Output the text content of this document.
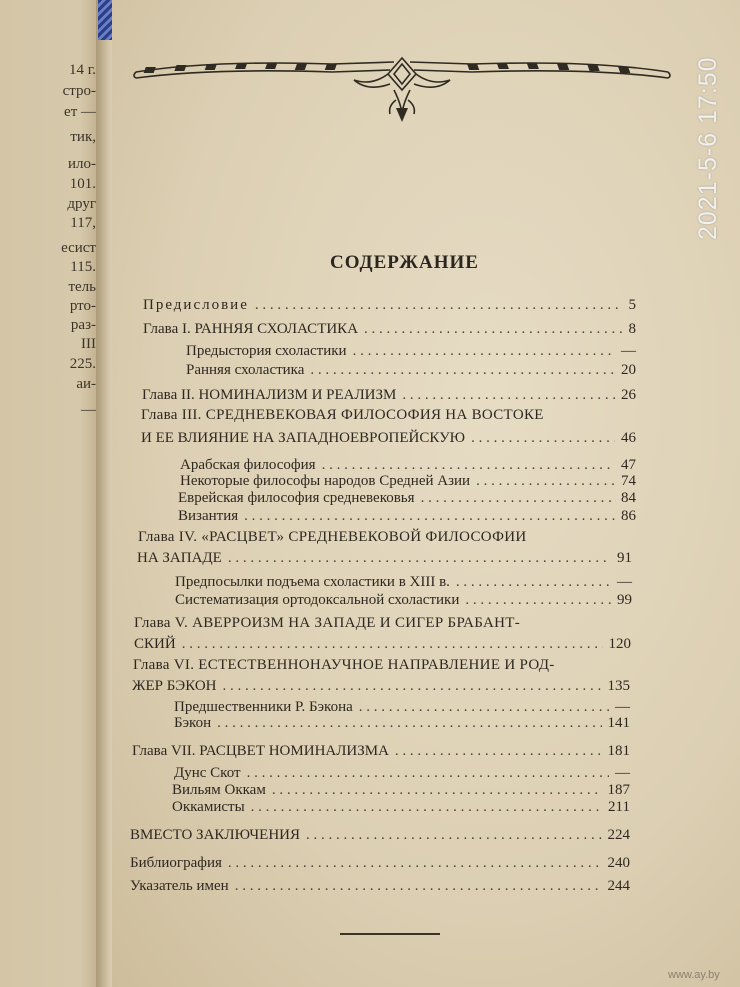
14 г.
стро-
ет —
тик,
ило-
101.
друг
117,
есист
115.
тель
рто-
раз-
III
225.
аи-
—
2021-5-6 17:50
СОДЕРЖАНИЕ
Предисловие . . .	5
Глава I. РАННЯЯ СХОЛАСТИКА . . .	8
Предыстория схоластики . . .	—
Ранняя схоластика . . .	20
Глава II. НОМИНАЛИЗМ И РЕАЛИЗМ . . .	26
Глава III. СРЕДНЕВЕКОВАЯ ФИЛОСОФИЯ НА ВОСТОКЕ
И ЕЕ ВЛИЯНИЕ НА ЗАПАДНОЕВРОПЕЙСКУЮ . . .	46
Арабская философия . . .	47
Некоторые философы народов Средней Азии . . .	74
Еврейская философия средневековья . . .	84
Византия . . .	86
Глава IV. «РАСЦВЕТ» СРЕДНЕВЕКОВОЙ ФИЛОСОФИИ
НА ЗАПАДЕ . . .	91
Предпосылки подъема схоластики в XIII в. . . .	—
Систематизация ортодоксальной схоластики . . .	99
Глава V. АВЕРРОИЗМ НА ЗАПАДЕ И СИГЕР БРАБАНТ-
СКИЙ . . .	120
Глава VI. ЕСТЕСТВЕННОНАУЧНОЕ НАПРАВЛЕНИЕ И РОД-
ЖЕР БЭКОН . . .	135
Предшественники Р. Бэкона . . .	—
Бэкон . . .	141
Глава VII. РАСЦВЕТ НОМИНАЛИЗМА . . .	181
Дунс Скот . . .	—
Вильям Оккам . . .	187
Оккамисты . . .	211
ВМЕСТО ЗАКЛЮЧЕНИЯ . . .	224
Библиография . . .	240
Указатель имен . . .	244
www.ay.by
